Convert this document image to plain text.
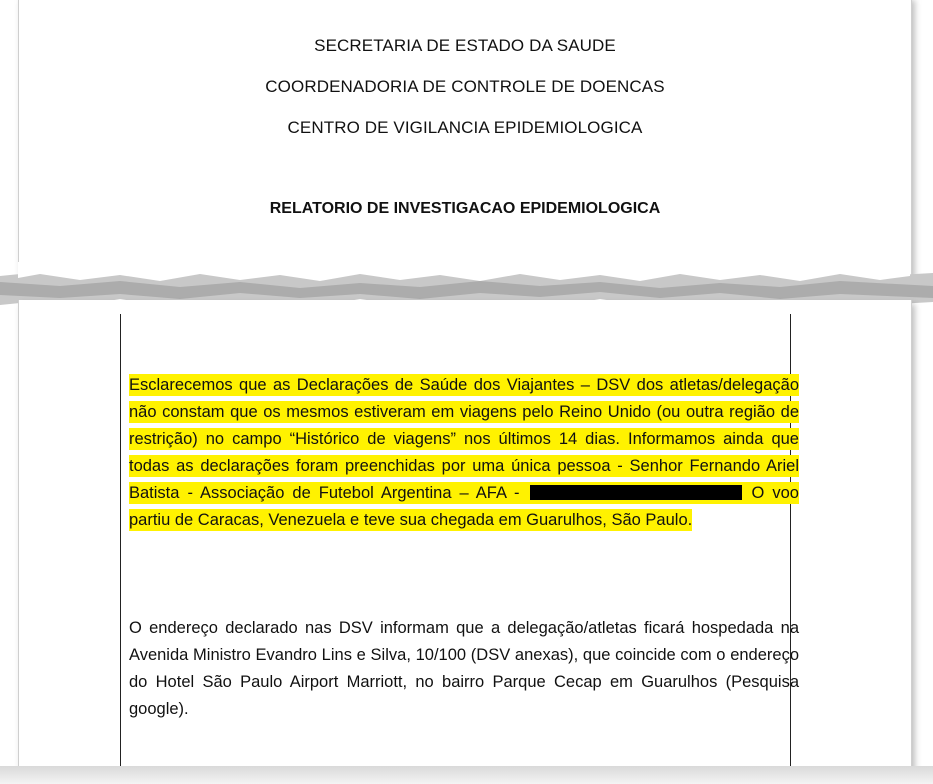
SECRETARIA DE ESTADO DA SAUDE
COORDENADORIA DE CONTROLE DE DOENCAS
CENTRO DE VIGILANCIA EPIDEMIOLOGICA
RELATORIO DE INVESTIGACAO EPIDEMIOLOGICA

Esclarecemos que as Declarações de Saúde dos Viajantes – DSV dos atletas/delegação não constam que os mesmos estiveram em viagens pelo Reino Unido (ou outra região de restrição) no campo “Histórico de viagens” nos últimos 14 dias. Informamos ainda que todas as declarações foram preenchidas por uma única pessoa - Senhor Fernando Ariel Batista - Associação de Futebol Argentina – AFA -	O voo partiu de Caracas, Venezuela e teve sua chegada em Guarulhos, São Paulo.

O endereço declarado nas DSV informam que a delegação/atletas ficará hospedada na Avenida Ministro Evandro Lins e Silva, 10/100 (DSV anexas), que coincide com o endereço do Hotel São Paulo Airport Marriott, no bairro Parque Cecap em Guarulhos (Pesquisa google).
